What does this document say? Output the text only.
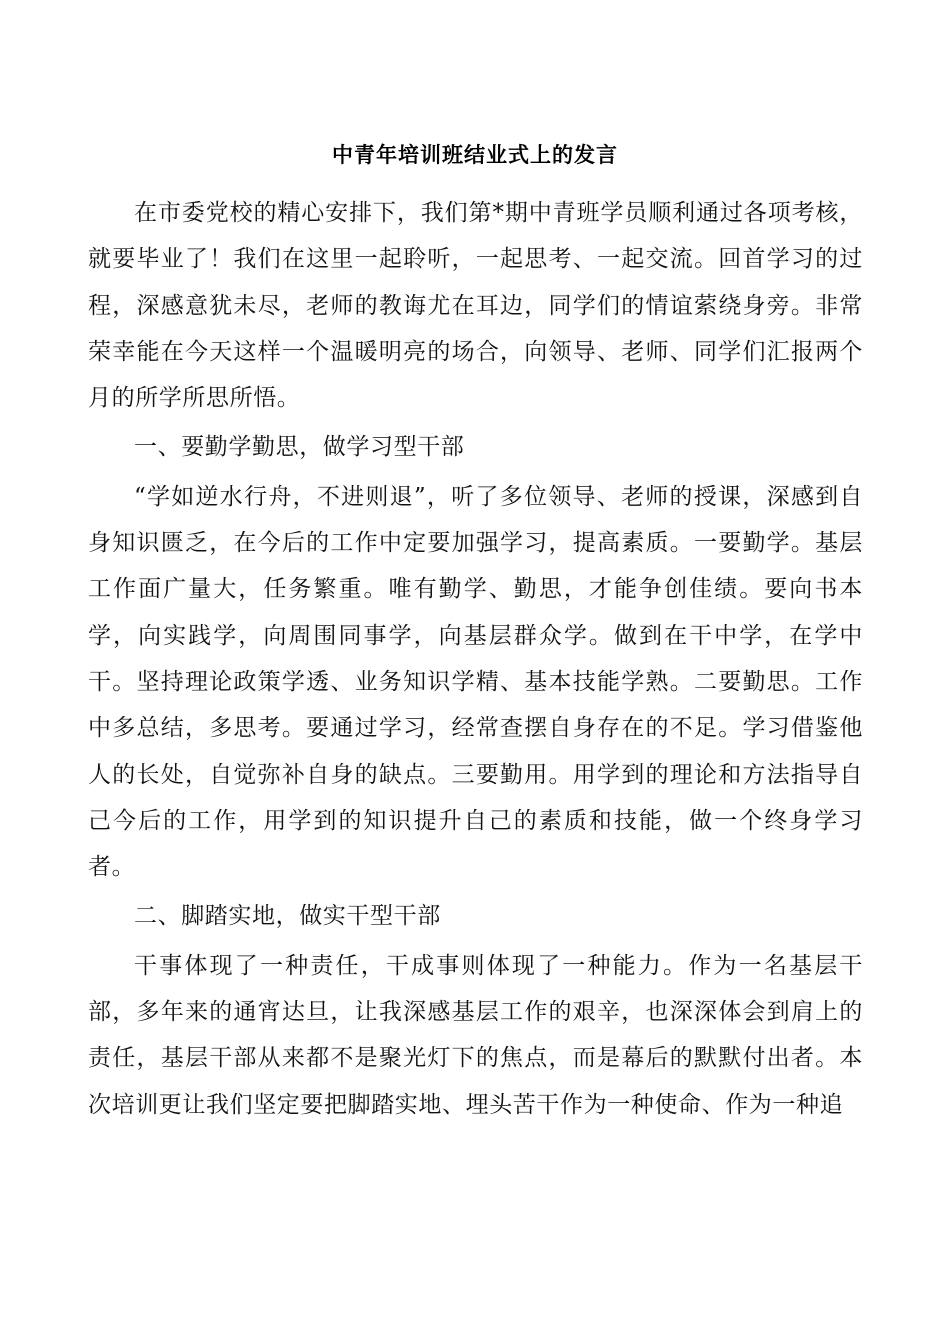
中青年培训班结业式上的发言

在市委党校的精心安排下，我们第*期中青班学员顺利通过各项考核，就要毕业了！我们在这里一起聆听，一起思考、一起交流。回首学习的过程，深感意犹未尽，老师的教诲尤在耳边，同学们的情谊萦绕身旁。非常荣幸能在今天这样一个温暖明亮的场合，向领导、老师、同学们汇报两个月的所学所思所悟。

一、要勤学勤思，做学习型干部

“学如逆水行舟，不进则退”，听了多位领导、老师的授课，深感到自身知识匮乏，在今后的工作中定要加强学习，提高素质。一要勤学。基层工作面广量大，任务繁重。唯有勤学、勤思，才能争创佳绩。要向书本学，向实践学，向周围同事学，向基层群众学。做到在干中学，在学中干。坚持理论政策学透、业务知识学精、基本技能学熟。二要勤思。工作中多总结，多思考。要通过学习，经常查摆自身存在的不足。学习借鉴他人的长处，自觉弥补自身的缺点。三要勤用。用学到的理论和方法指导自己今后的工作，用学到的知识提升自己的素质和技能，做一个终身学习者。

二、脚踏实地，做实干型干部

干事体现了一种责任，干成事则体现了一种能力。作为一名基层干部，多年来的通宵达旦，让我深感基层工作的艰辛，也深深体会到肩上的责任，基层干部从来都不是聚光灯下的焦点，而是幕后的默默付出者。本次培训更让我们坚定要把脚踏实地、埋头苦干作为一种使命、作为一种追
